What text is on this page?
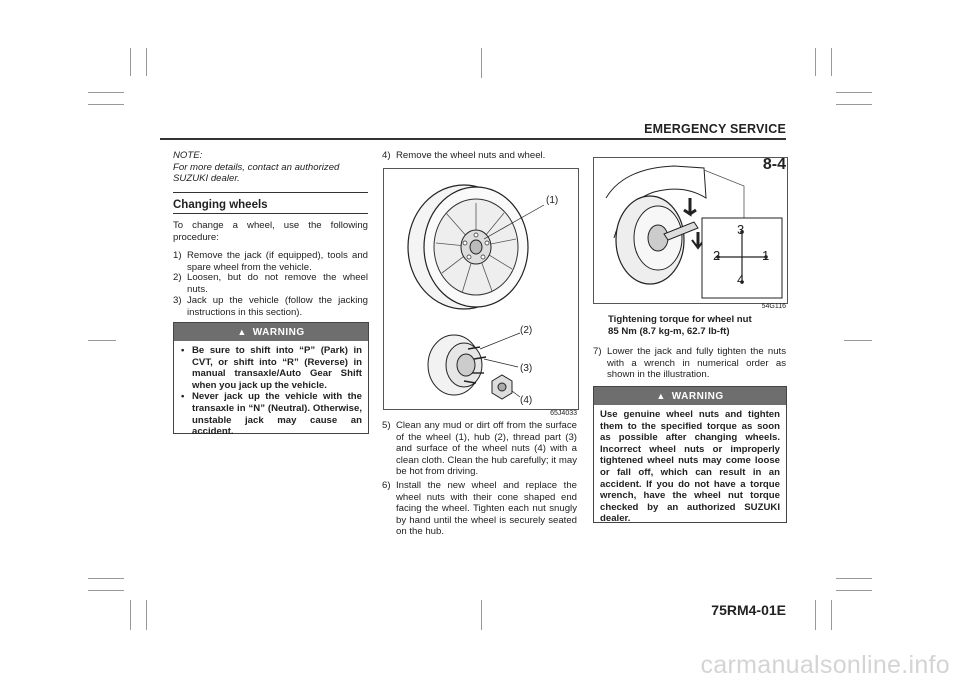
EMERGENCY SERVICE
8-4
NOTE:
For more details, contact an authorized SUZUKI dealer.
Changing wheels
To change a wheel, use the following procedure:
1) Remove the jack (if equipped), tools and spare wheel from the vehicle.
2) Loosen, but do not remove the wheel nuts.
3) Jack up the vehicle (follow the jacking instructions in this section).
▲ WARNING
• Be sure to shift into “P” (Park) in CVT, or shift into “R” (Reverse) in manual transaxle/Auto Gear Shift when you jack up the vehicle.
• Never jack up the vehicle with the transaxle in “N” (Neutral). Otherwise, unstable jack may cause an accident.
4) Remove the wheel nuts and wheel.
(1)
(2)
(3)
(4)
65J4033
5) Clean any mud or dirt off from the surface of the wheel (1), hub (2), thread part (3) and surface of the wheel nuts (4) with a clean cloth. Clean the hub carefully; it may be hot from driving.
6) Install the new wheel and replace the wheel nuts with their cone shaped end facing the wheel. Tighten each nut snugly by hand until the wheel is securely seated on the hub.
1
2
3
4
54G116
Tightening torque for wheel nut
85 Nm (8.7 kg-m, 62.7 lb-ft)
7) Lower the jack and fully tighten the nuts with a wrench in numerical order as shown in the illustration.
▲ WARNING
Use genuine wheel nuts and tighten them to the specified torque as soon as possible after changing wheels. Incorrect wheel nuts or improperly tightened wheel nuts may come loose or fall off, which can result in an accident. If you do not have a torque wrench, have the wheel nut torque checked by an authorized SUZUKI dealer.
75RM4-01E
carmanualsonline.info
